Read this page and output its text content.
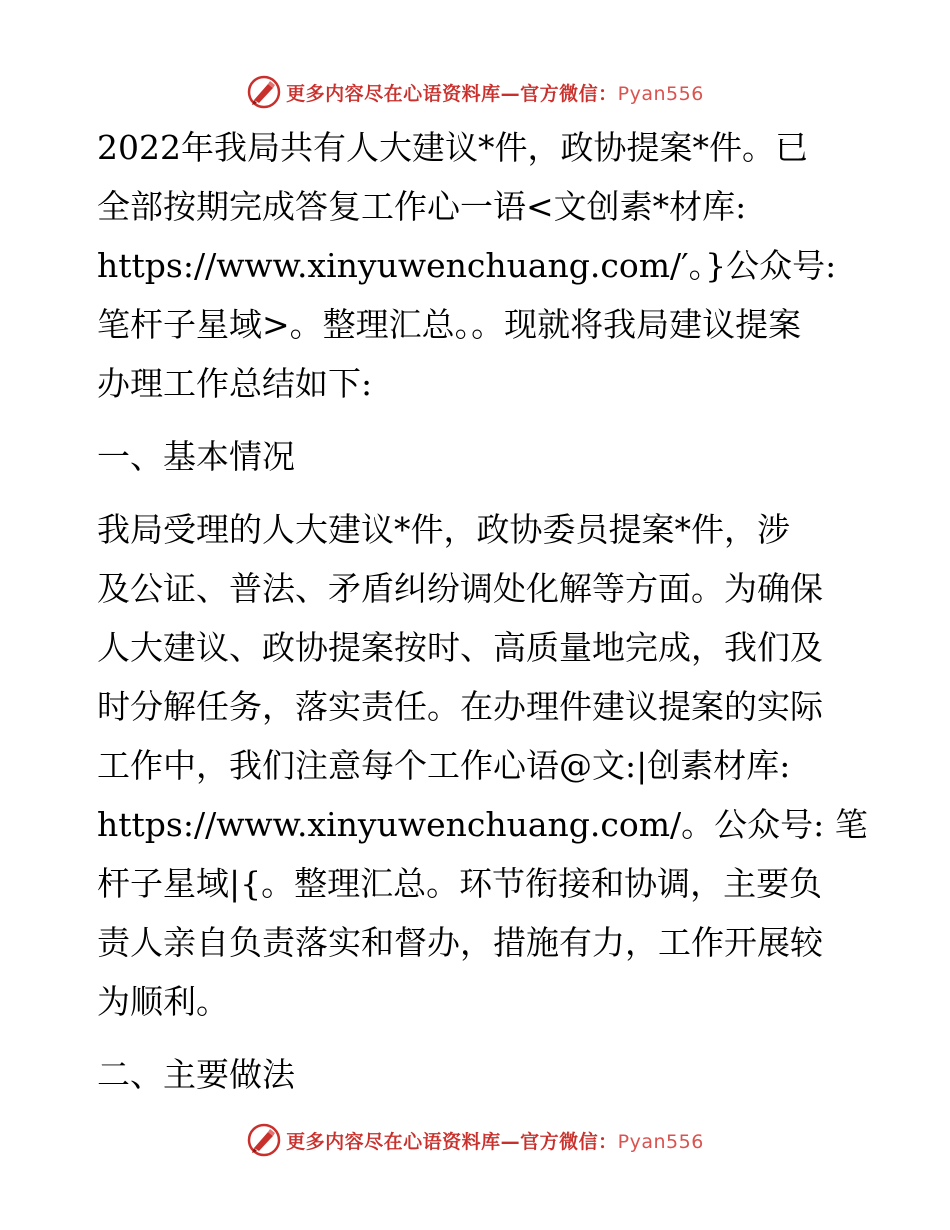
更多内容尽在心语资料库—官方微信：Pyan556
2022年我局共有人大建议*件，政协提案*件。已
全部按期完成答复工作心一语<文创素*材库:
https://www.xinyuwenchuang.com/′。}公众号:
笔杆子星域>。整理汇总。。现就将我局建议提案
办理工作总结如下:
一、基本情况
我局受理的人大建议*件，政协委员提案*件，涉
及公证、普法、矛盾纠纷调处化解等方面。为确保
人大建议、政协提案按时、高质量地完成，我们及
时分解任务，落实责任。在办理件建议提案的实际
工作中，我们注意每个工作心语@文:|创素材库:
https://www.xinyuwenchuang.com/。公众号: 笔
杆子星域|{。整理汇总。环节衔接和协调，主要负
责人亲自负责落实和督办，措施有力，工作开展较
为顺利。
二、主要做法
更多内容尽在心语资料库—官方微信：Pyan556
